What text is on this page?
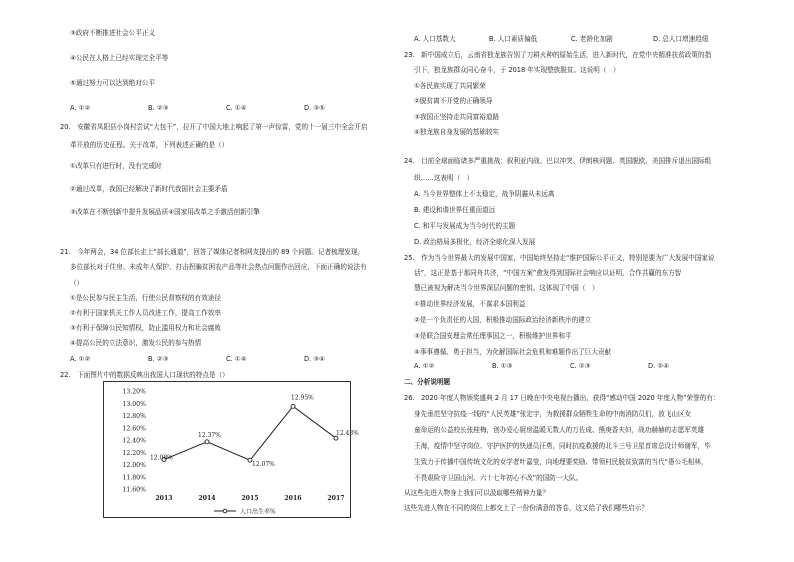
③政府不断推进社会公平正义
④公民在人格上已经实现完全平等
⑤通过努力可以达到绝对公平
A. ①②	B. ②③	C. ①④	D. ③⑤
20.　安徽省凤阳县小岗村尝试“大包干”，拉开了中国大地上响起了第一声惊雷，党的十一届三中全会开启
革开放的历史征程。关于改革，下列表述正确的是（）
①改革只有进行时，没有完成时
②通过改革，我国已经解决了新时代我国社会主要矛盾
③改革在不断创新中提升发展品质④国家用改革之手激活创新引擎
21.　今年两会，34 位部长走上“部长通道”，回答了媒体记者和网友提出的 89 个问题。记者梳理发现，
多位部长对于住房、未成年人保护、打击拐骗贫困农产品等社会热点问题作出回应，下面正确的说法有
（）
①是公民参与民主生活，行使公民督察权的有效途径
②有利于国家机关工作人员改进工作，提高工作效率
③有利于保障公民知情权，防止滥用权力和社会腐败
④提高公民的立法意识，激发公民的参与热情
A. ①②	B. ②③	C. ①④	D. ③④
22.　下面图片中的数据反映出我国人口现状的特点是（）
13.20%
13.00%
12.80%
12.60%
12.40%
12.20%
12.00%
11.80%
11.60%
2013	2014	2015	2016	2017
12.08%
12.37%
12.07%
12.95%
12.43%
人口出生率%
A. 人口基数大	B. 人口素质偏低	C. 老龄化加剧	D. 总人口增速趋缓
23.　新中国成立后，云南省独龙族告别了刀耕火种的原始生活，进入新时代，在党中央精准扶贫政策的指
引下，独龙族群众同心奋斗，于 2018 年实现整族脱贫。这说明（　）
①各民族实现了共同繁荣
②脱贫离不开党的正确领导
③我国正坚持走共同富裕道路
④独龙族自身发展的基础较实
24.　目前全球面临诸多严重挑战：叙利亚内战、巴以冲突、伊朗核问题、英国脱欧、美国排斥退出国际组
织……这表明（　）
A. 当今世界整体上不太稳定，战争阴霾从未远离
B. 建设和谐世界任重而道远
C. 和平与发展成为当今时代的主题
D. 政治格局多极化，经济全球化深入发展
25.　作为当今世界最大的发展中国家，中国始终坚持走“维护国际公平正义，特别是要为广大发展中国家说
话”，这正是基于那同舟共济，“中国方案”愈发得到国际社会响应以证明，合作共赢的东方智
慧已被视为解决当今世界深层问题的密钥。这体现了中国（　）
①推动世界经济发展，不谋求本国利益
②是一个负责任的大国，积极推动国际政治经济新秩序的建立
③是联合国安理会常任理事国之一，积极维护世界和平
④事事遵循、勇于担当，为化解国际社会危机和难题作出了巨大贡献
A. ①②	B. ①③	C. ②③	D. ②④
二、分析说明题
26.　2020 年度人物颁奖盛典 2 月 17 日晚在中央电视台播出，获得“感动中国 2020 年度人物”荣誉的有：
身先垂范坚守抗疫一线的“人民英雄”张定宇，为救援群众牺牲生命的中南消防员们，放飞山区女
童命运的公益校长张桂梅，创办爱心厨房温暖无数人的万佐成、熊庚香夫妇，战功赫赫的志愿军英雄
王海，疫情中坚守岗位、守护医护的快递员汪勇，同时抗疫救援的北斗三号卫星首席总设计师谢军，毕
生致力于传播中国传统文化的女学者叶嘉莹，向地理要奖励、带领村民脱贫致富的当代“愚公毛相林，
不畏艰险守卫国山河、六十七年初心不改”的国防一大队。
从这些先进人物身上我们可以汲取哪些精神力量？
这些先进人物在不同的岗位上都交上了一份份满意的答卷，这又给了我们哪些启示？
